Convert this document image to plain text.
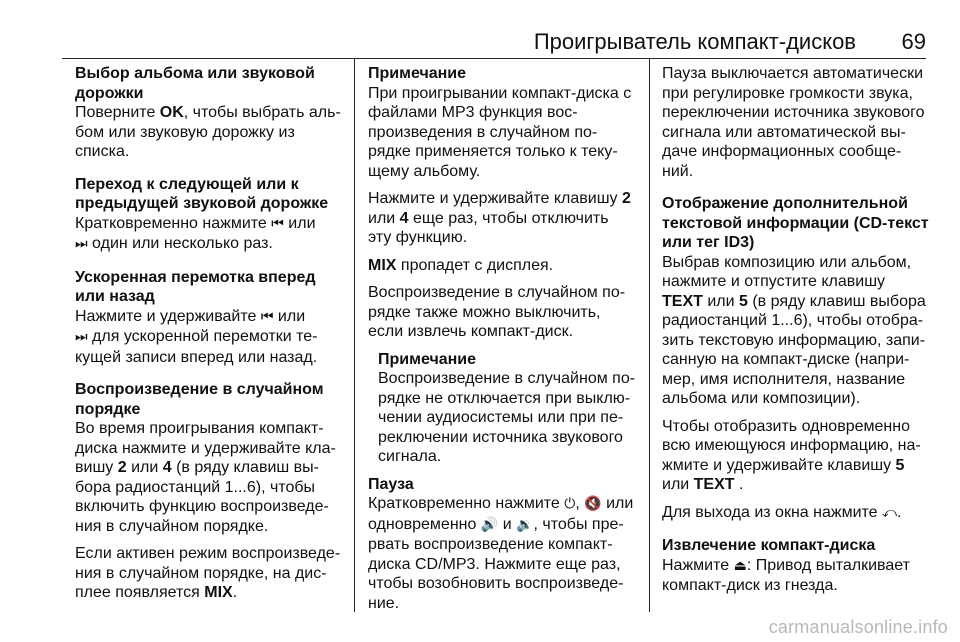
Проигрыватель компакт-дисков 69
Выбор альбома или звуковой дорожки
Поверните OK, чтобы выбрать аль-бом или звуковую дорожку из списка.
Переход к следующей или к предыдущей звуковой дорожке
Кратковременно нажмите ⏮ или
⏭ один или несколько раз.
Ускоренная перемотка вперед или назад
Нажмите и удерживайте ⏮ или
⏭ для ускоренной перемотки те-кущей записи вперед или назад.
Воспроизведение в случайном порядке

Во время проигрывания компакт-диска нажмите и удерживайте кла-вишу 2 или 4 (в ряду клавиш вы-бора радиостанций 1...6), чтобы включить функцию воспроизведе-ния в случайном порядке.

Если активен режим воспроизведе-ния в случайном порядке, на дис-плее появляется MIX.

Примечание
При проигрывании компакт-диска с файлами MP3 функция вос-произведения в случайном по-рядке применяется только к теку-щему альбому.

Нажмите и удерживайте клавишу 2 или 4 еще раз, чтобы отключить эту функцию.

MIX пропадет с дисплея.

Воспроизведение в случайном по-рядке также можно выключить, если извлечь компакт-диск.

Примечание
Воспроизведение в случайном по-рядке не отключается при выклю-чении аудиосистемы или при пе-реключении источника звукового сигнала.
Пауза
Кратковременно нажмите ⏻, 🔇 или одновременно 🔊 и 🔉, чтобы пре-рвать воспроизведение компакт-диска CD/MP3. Нажмите еще раз, чтобы возобновить воспроизведе-ние.
Пауза выключается автоматически при регулировке громкости звука, переключении источника звукового сигнала или автоматической вы-даче информационных сообще-ний.
Отображение дополнительной текстовой информации (CD-текст или тег ID3)

Выбрав композицию или альбом, нажмите и отпустите клавишу
TEXT или 5 (в ряду клавиш выбора радиостанций 1...6), чтобы отобра-зить текстовую информацию, запи-санную на компакт-диске (напри-мер, имя исполнителя, название альбома или композиции).

Чтобы отобразить одновременно всю имеющуюся информацию, на-жмите и удерживайте клавишу 5
или TEXT .

Для выхода из окна нажмите ⤺.

Извлечение компакт-диска
Нажмите ⏏: Привод выталкивает компакт-диск из гнезда.
carmanualsonline.info
